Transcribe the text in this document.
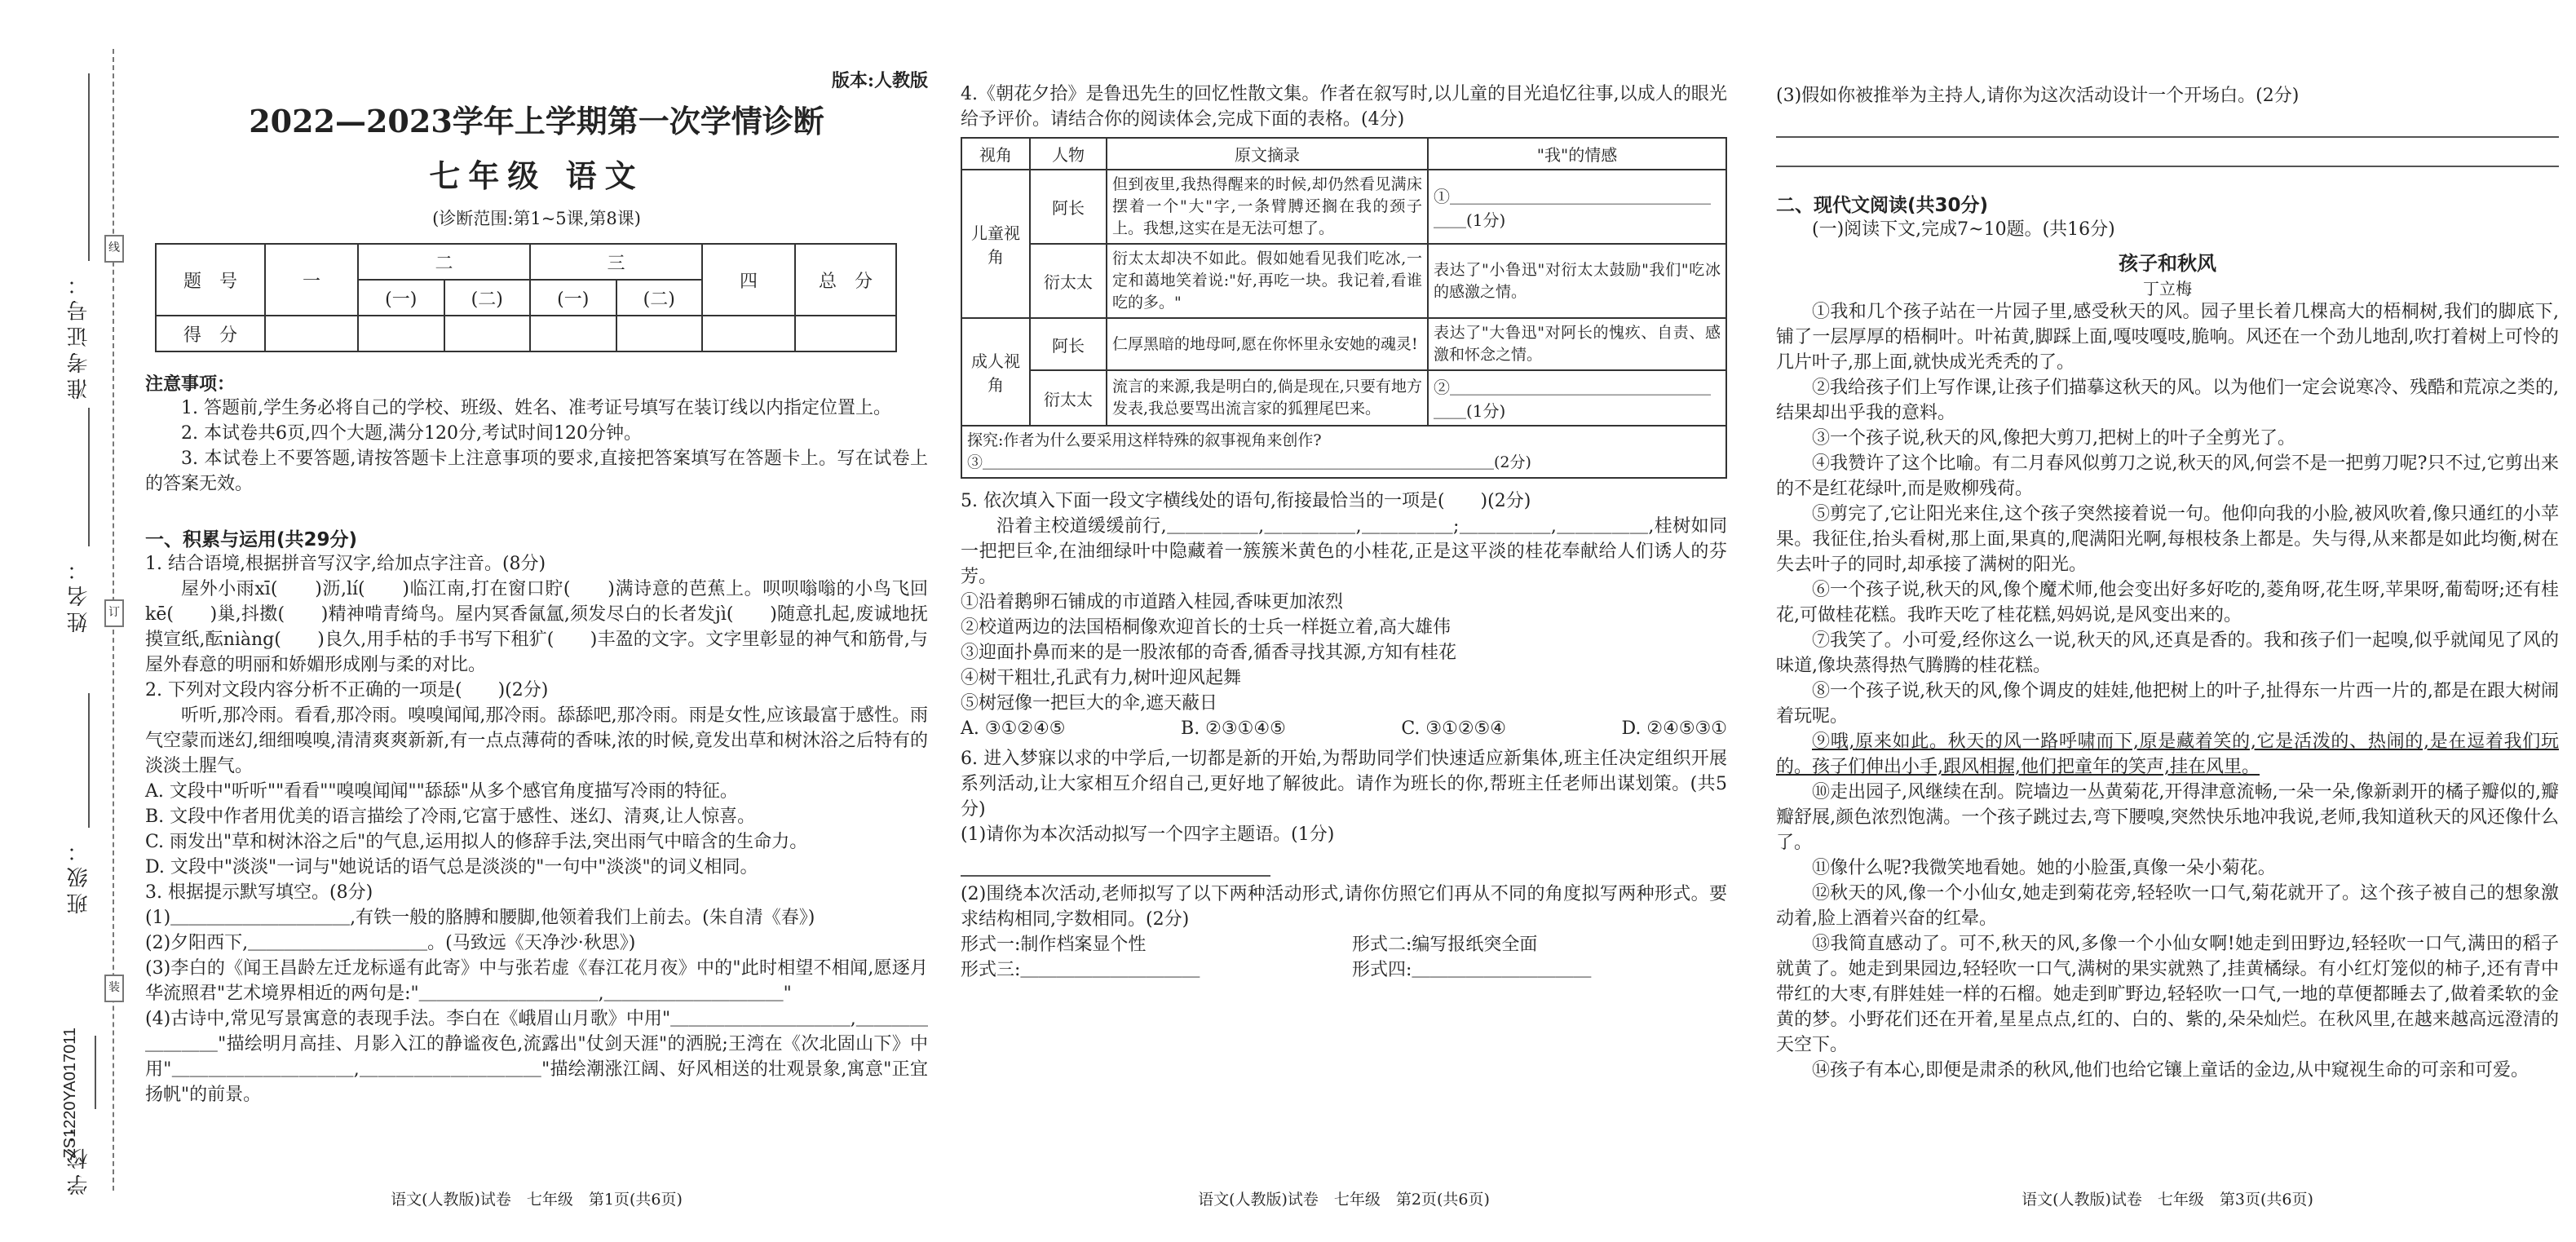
线
订
装
准考证号：
姓名：
班级：
学校：
ZS1220YA017011
版本:人教版
2022—2023学年上学期第一次学情诊断
七年级 语文
(诊断范围:第1~5课,第8课)
题　号	一	二		三		四	总　分
		(一)	(二)	(一)	(二)		
得　分							
注意事项：

1. 答题前,学生务必将自己的学校、班级、姓名、准考证号填写在装订线以内指定位置上。

2. 本试卷共6页,四个大题,满分120分,考试时间120分钟。

3. 本试卷上不要答题,请按答题卡上注意事项的要求,直接把答案填写在答题卡上。写在试卷上的答案无效。

一、积累与运用(共29分)

1. 结合语境,根据拼音写汉字,给加点字注音。(8分)

屋外小雨xī(　　)沥,lí(　　)临江南,打在窗口貯(　　)满诗意的芭蕉上。呗呗嗡嗡的小鸟飞回kē(　　)巢,抖擞(　　)精神啃青绮鸟。屋内冥香氤氲,须发尽白的长者发jì(　　)随意扎起,废诚地抚摸宣纸,酝niàng(　　)良久,用手枯的手书写下租犷(　　)丰盈的文字。文字里彰显的神气和筋骨,与屋外春意的明丽和娇媚形成刚与柔的对比。

2. 下列对文段内容分析不正确的一项是(　　)(2分)

听听,那冷雨。看看,那冷雨。嗅嗅闻闻,那冷雨。舔舔吧,那冷雨。雨是女性,应该最富于感性。雨气空蒙而迷幻,细细嗅嗅,清清爽爽新新,有一点点薄荷的香味,浓的时候,竟发出草和树沐浴之后特有的淡淡土腥气。

A. 文段中"听听""看看""嗅嗅闻闻""舔舔"从多个感官角度描写冷雨的特征。

B. 文段中作者用优美的语言描绘了冷雨,它富于感性、迷幻、清爽,让人惊喜。

C. 雨发出"草和树沐浴之后"的气息,运用拟人的修辞手法,突出雨气中暗含的生命力。

D. 文段中"淡淡"一词与"她说话的语气总是淡淡的"一句中"淡淡"的词义相同。

3. 根据提示默写填空。(8分)

(1)＿＿＿＿＿＿＿＿＿＿,有铁一般的胳膊和腰脚,他领着我们上前去。(朱自清《春》)

(2)夕阳西下,＿＿＿＿＿＿＿＿＿＿。(马致远《天净沙·秋思》)

(3)李白的《闻王昌龄左迁龙标遥有此寄》中与张若虚《春江花月夜》中的"此时相望不相闻,愿逐月华流照君"艺术境界相近的两句是:"＿＿＿＿＿＿＿＿＿＿,＿＿＿＿＿＿＿＿＿＿"

(4)古诗中,常见写景寓意的表现手法。李白在《峨眉山月歌》中用"＿＿＿＿＿＿＿＿＿＿,＿＿＿＿＿＿＿＿"描绘明月高挂、月影入江的静谧夜色,流露出"仗剑天涯"的洒脱;王湾在《次北固山下》中用"＿＿＿＿＿＿＿＿＿＿,＿＿＿＿＿＿＿＿＿＿"描绘潮涨江阔、好风相送的壮观景象,寓意"正宜扬帆"的前景。

语文(人教版)试卷　七年级　第1页(共6页)

4.《朝花夕拾》是鲁迅先生的回忆性散文集。作者在叙写时,以儿童的目光追忆往事,以成人的眼光给予评价。请结合你的阅读体会,完成下面的表格。(4分)

视角	人物	原文摘录	"我"的情感
儿童视角	阿长	但到夜里,我热得醒来的时候,却仍然看见满床摆着一个"大"字,一条臂膊还搁在我的颈子上。我想,这实在是无法可想了。	①＿＿＿＿＿＿＿＿＿＿＿＿＿＿＿＿＿＿(1分)
	衍太太	衍太太却决不如此。假如她看见我们吃冰,一定和蔼地笑着说:"好,再吃一块。我记着,看谁吃的多。"	表达了"小鲁迅"对衍太太鼓励"我们"吃冰的感激之情。
成人视角	阿长	仁厚黑暗的地母呵,愿在你怀里永安她的魂灵!	表达了"大鲁迅"对阿长的愧疚、自责、感激和怀念之情。
	衍太太	流言的来源,我是明白的,倘是现在,只要有地方发表,我总要骂出流言家的狐狸尾巴来。	②＿＿＿＿＿＿＿＿＿＿＿＿＿＿＿＿＿＿(1分)

探究:作者为什么要采用这样特殊的叙事视角来创作?
③＿＿＿＿＿＿＿＿＿＿＿＿＿＿＿＿＿＿＿＿＿＿＿＿＿＿＿＿＿＿＿＿＿(2分)			

5. 依次填入下面一段文字横线处的语句,衔接最恰当的一项是(　　)(2分)

沿着主校道缓缓前行,＿＿＿＿＿,＿＿＿＿＿,＿＿＿＿＿;＿＿＿＿＿,＿＿＿＿＿,桂树如同一把把巨伞,在油细绿叶中隐藏着一簇簇米黄色的小桂花,正是这平淡的桂花奉献给人们诱人的芬芳。

①沿着鹅卵石铺成的市道踏入桂园,香味更加浓烈

②校道两边的法国梧桐像欢迎首长的士兵一样挺立着,高大雄伟

③迎面扑鼻而来的是一股浓郁的奇香,循香寻找其源,方知有桂花

④树干粗壮,孔武有力,树叶迎风起舞

⑤树冠像一把巨大的伞,遮天蔽日

A. ③①②④⑤	B. ②③①④⑤	C. ③①②⑤④	D. ②④⑤③①

6. 进入梦寐以求的中学后,一切都是新的开始,为帮助同学们快速适应新集体,班主任决定组织开展系列活动,让大家相互介绍自己,更好地了解彼此。请作为班长的你,帮班主任老师出谋划策。(共5分)

(1)请你为本次活动拟写一个四字主题语。(1分)

(2)围绕本次活动,老师拟写了以下两种活动形式,请你仿照它们再从不同的角度拟写两种形式。要求结构相同,字数相同。(2分)

形式一:制作档案显个性	形式二:编写报纸突全面
形式三:＿＿＿＿＿＿＿＿＿＿	形式四:＿＿＿＿＿＿＿＿＿＿
语文(人教版)试卷　七年级　第2页(共6页)

(3)假如你被推举为主持人,请你为这次活动设计一个开场白。(2分)

二、现代文阅读(共30分)

(一)阅读下文,完成7~10题。(共16分)

孩子和秋风
丁立梅

①我和几个孩子站在一片园子里,感受秋天的风。园子里长着几棵高大的梧桐树,我们的脚底下,铺了一层厚厚的梧桐叶。叶祐黄,脚踩上面,嘎吱嘎吱,脆响。风还在一个劲儿地刮,吹打着树上可怜的几片叶子,那上面,就快成光秃秃的了。

②我给孩子们上写作课,让孩子们描摹这秋天的风。以为他们一定会说寒冷、残酷和荒凉之类的,结果却出乎我的意料。

③一个孩子说,秋天的风,像把大剪刀,把树上的叶子全剪光了。

④我赞许了这个比喻。有二月春风似剪刀之说,秋天的风,何尝不是一把剪刀呢?只不过,它剪出来的不是红花绿叶,而是败柳残荷。

⑤剪完了,它让阳光来住,这个孩子突然接着说一句。他仰向我的小脸,被风吹着,像只通红的小苹果。我征住,抬头看树,那上面,果真的,爬满阳光啊,每根枝条上都是。失与得,从来都是如此均衡,树在失去叶子的同时,却承接了满树的阳光。

⑥一个孩子说,秋天的风,像个魔术师,他会变出好多好吃的,菱角呀,花生呀,苹果呀,葡萄呀;还有桂花,可做桂花糕。我昨天吃了桂花糕,妈妈说,是风变出来的。

⑦我笑了。小可爱,经你这么一说,秋天的风,还真是香的。我和孩子们一起嗅,似乎就闻见了风的味道,像块蒸得热气腾腾的桂花糕。

⑧一个孩子说,秋天的风,像个调皮的娃娃,他把树上的叶子,扯得东一片西一片的,都是在跟大树闹着玩呢。

⑨哦,原来如此。秋天的风一路呼啸而下,原是藏着笑的,它是活泼的、热闹的,是在逗着我们玩的。孩子们伸出小手,跟风相握,他们把童年的笑声,挂在风里。

⑩走出园子,风继续在刮。院墙边一丛黄菊花,开得津意流畅,一朵一朵,像新剥开的橘子瓣似的,瓣瓣舒展,颜色浓烈饱满。一个孩子跳过去,弯下腰嗅,突然快乐地冲我说,老师,我知道秋天的风还像什么了。

⑪像什么呢?我微笑地看她。她的小脸蛋,真像一朵小菊花。

⑫秋天的风,像一个小仙女,她走到菊花旁,轻轻吹一口气,菊花就开了。这个孩子被自己的想象激动着,脸上酒着兴奋的红晕。

⑬我简直感动了。可不,秋天的风,多像一个小仙女啊!她走到田野边,轻轻吹一口气,满田的稻子就黄了。她走到果园边,轻轻吹一口气,满树的果实就熟了,挂黄橘绿。有小红灯笼似的柿子,还有青中带红的大枣,有胖娃娃一样的石榴。她走到旷野边,轻轻吹一口气,一地的草便都睡去了,做着柔软的金黄的梦。小野花们还在开着,星星点点,红的、白的、紫的,朵朵灿烂。在秋风里,在越来越高远澄清的天空下。

⑭孩子有本心,即便是肃杀的秋风,他们也给它镶上童话的金边,从中窥视生命的可亲和可爱。

语文(人教版)试卷　七年级　第3页(共6页)
